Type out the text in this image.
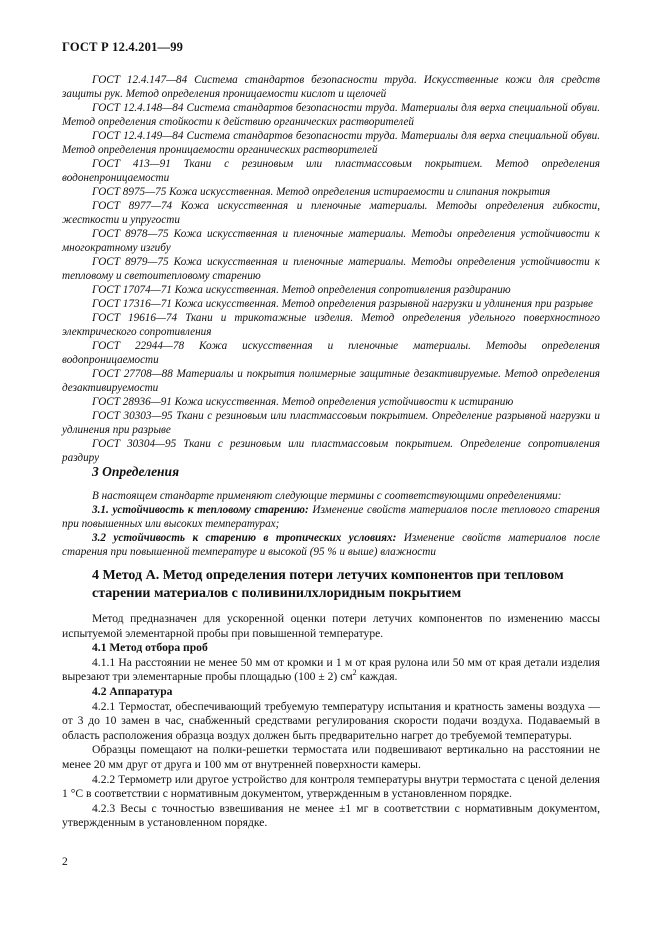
ГОСТ Р 12.4.201—99

ГОСТ 12.4.147—84 Система стандартов безопасности труда. Искусственные кожи для средств защиты рук. Метод определения проницаемости кислот и щелочей

ГОСТ 12.4.148—84 Система стандартов безопасности труда. Материалы для верха специальной обуви. Метод определения стойкости к действию органических растворителей

ГОСТ 12.4.149—84 Система стандартов безопасности труда. Материалы для верха специальной обуви. Метод определения проницаемости органических растворителей

ГОСТ 413—91 Ткани с резиновым или пластмассовым покрытием. Метод определения водонепроницаемости

ГОСТ 8975—75 Кожа искусственная. Метод определения истираемости и слипания покрытия

ГОСТ 8977—74 Кожа искусственная и пленочные материалы. Методы определения гибкости, жесткости и упругости

ГОСТ 8978—75 Кожа искусственная и пленочные материалы. Методы определения устойчивости к многократному изгибу

ГОСТ 8979—75 Кожа искусственная и пленочные материалы. Методы определения устойчивости к тепловому и светоитепловому старению

ГОСТ 17074—71 Кожа искусственная. Метод определения сопротивления раздиранию

ГОСТ 17316—71 Кожа искусственная. Метод определения разрывной нагрузки и удлинения при разрыве

ГОСТ 19616—74 Ткани и трикотажные изделия. Метод определения удельного поверхностного электрического сопротивления

ГОСТ 22944—78 Кожа искусственная и пленочные материалы. Методы определения водопроницаемости

ГОСТ 27708—88 Материалы и покрытия полимерные защитные дезактивируемые. Метод определения дезактивируемости

ГОСТ 28936—91 Кожа искусственная. Метод определения устойчивости к истиранию

ГОСТ 30303—95 Ткани с резиновым или пластмассовым покрытием. Определение разрывной нагрузки и удлинения при разрыве

ГОСТ 30304—95 Ткани с резиновым или пластмассовым покрытием. Определение сопротивления раздиру

3 Определения

В настоящем стандарте применяют следующие термины с соответствующими определениями:

3.1. устойчивость к тепловому старению: Изменение свойств материалов после теплового старения при повышенных или высоких температурах;

3.2 устойчивость к старению в тропических условиях: Изменение свойств материалов после старения при повышенной температуре и высокой (95 % и выше) влажности

4 Метод А. Метод определения потери летучих компонентов при тепловом
старении материалов с поливинилхлоридным покрытием

Метод предназначен для ускоренной оценки потери летучих компонентов по изменению массы испытуемой элементарной пробы при повышенной температуре.

4.1 Метод отбора проб

4.1.1 На расстоянии не менее 50 мм от кромки и 1 м от края рулона или 50 мм от края детали изделия вырезают три элементарные пробы площадью (100 ± 2) $см^2$ каждая.

4.2 Аппаратура

4.2.1 Термостат, обеспечивающий требуемую температуру испытания и кратность замены воздуха — от 3 до 10 замен в час, снабженный средствами регулирования скорости подачи воздуха. Подаваемый в область расположения образца воздух должен быть предварительно нагрет до требуемой температуры.

Образцы помещают на полки-решетки термостата или подвешивают вертикально на расстоянии не менее 20 мм друг от друга и 100 мм от внутренней поверхности камеры.

4.2.2 Термометр или другое устройство для контроля температуры внутри термостата с ценой деления 1 °С в соответствии с нормативным документом, утвержденным в установленном порядке.

4.2.3 Весы с точностью взвешивания не менее ±1 мг в соответствии с нормативным документом, утвержденным в установленном порядке.

2
